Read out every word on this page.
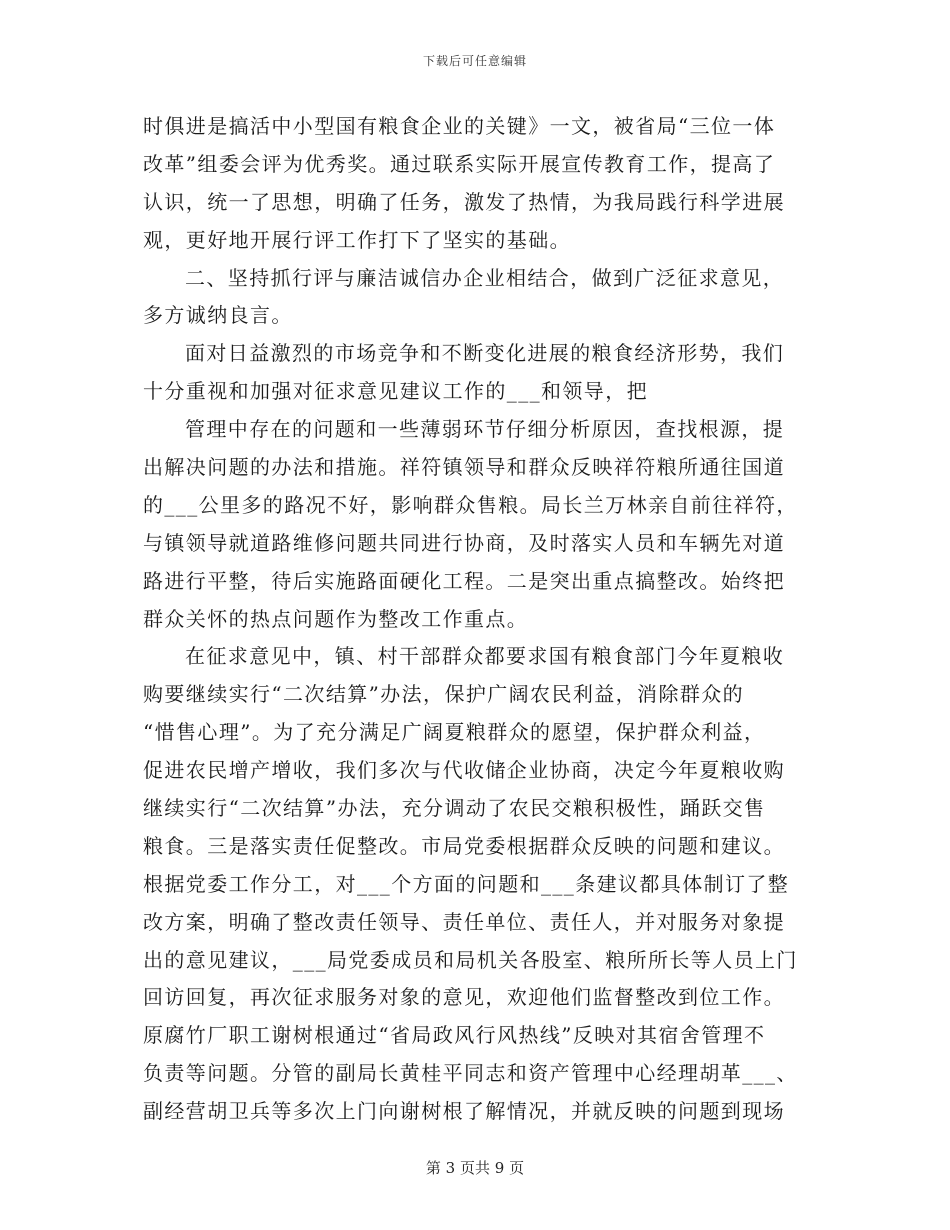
下载后可任意编辑
时俱进是搞活中小型国有粮食企业的关键》一文，被省局“三位一体
改革”组委会评为优秀奖。通过联系实际开展宣传教育工作，提高了
认识，统一了思想，明确了任务，激发了热情，为我局践行科学进展
观，更好地开展行评工作打下了坚实的基础。
二、坚持抓行评与廉洁诚信办企业相结合，做到广泛征求意见，
多方诚纳良言。
面对日益激烈的市场竞争和不断变化进展的粮食经济形势，我们
十分重视和加强对征求意见建议工作的___和领导，把
管理中存在的问题和一些薄弱环节仔细分析原因，查找根源，提
出解决问题的办法和措施。祥符镇领导和群众反映祥符粮所通往国道
的___公里多的路况不好，影响群众售粮。局长兰万林亲自前往祥符，
与镇领导就道路维修问题共同进行协商，及时落实人员和车辆先对道
路进行平整，待后实施路面硬化工程。二是突出重点搞整改。始终把
群众关怀的热点问题作为整改工作重点。
在征求意见中，镇、村干部群众都要求国有粮食部门今年夏粮收
购要继续实行“二次结算”办法，保护广阔农民利益，消除群众的
“惜售心理”。为了充分满足广阔夏粮群众的愿望，保护群众利益，
促进农民增产增收，我们多次与代收储企业协商，决定今年夏粮收购
继续实行“二次结算”办法，充分调动了农民交粮积极性，踊跃交售
粮食。三是落实责任促整改。市局党委根据群众反映的问题和建议。
根据党委工作分工，对___个方面的问题和___条建议都具体制订了整
改方案，明确了整改责任领导、责任单位、责任人，并对服务对象提
出的意见建议，___局党委成员和局机关各股室、粮所所长等人员上门
回访回复，再次征求服务对象的意见，欢迎他们监督整改到位工作。
原腐竹厂职工谢树根通过“省局政风行风热线”反映对其宿舍管理不
负责等问题。分管的副局长黄桂平同志和资产管理中心经理胡革___、
副经营胡卫兵等多次上门向谢树根了解情况，并就反映的问题到现场
第 3 页共 9 页
